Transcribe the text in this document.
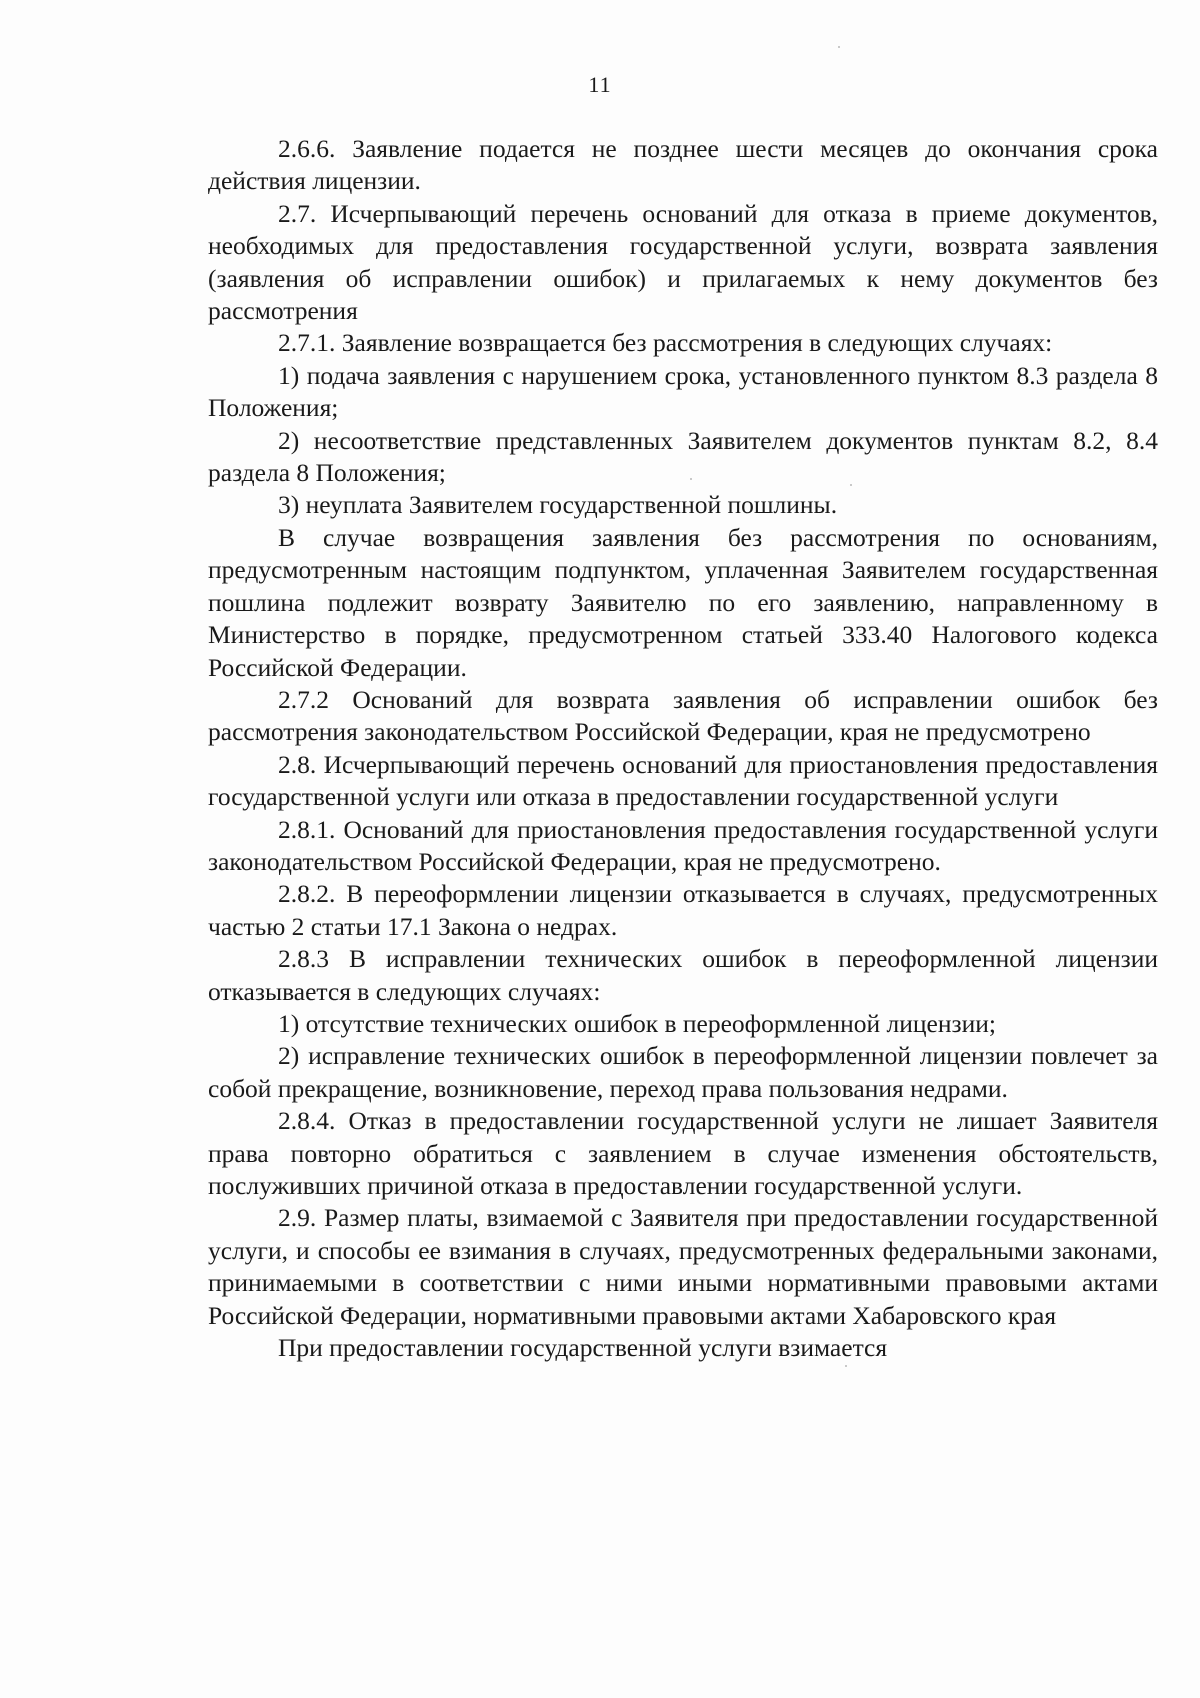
11

2.6.6. Заявление подается не позднее шести месяцев до окончания срока действия лицензии.

2.7. Исчерпывающий перечень оснований для отказа в приеме документов, необходимых для предоставления государственной услуги, возврата заявления (заявления об исправлении ошибок) и прилагаемых к нему документов без рассмотрения

2.7.1. Заявление возвращается без рассмотрения в следующих случаях:

1) подача заявления с нарушением срока, установленного пунктом 8.3 раздела 8 Положения;

2) несоответствие представленных Заявителем документов пунктам 8.2, 8.4 раздела 8 Положения;

3) неуплата Заявителем государственной пошлины.

В случае возвращения заявления без рассмотрения по основаниям, предусмотренным настоящим подпунктом, уплаченная Заявителем государственная пошлина подлежит возврату Заявителю по его заявлению, направленному в Министерство в порядке, предусмотренном статьей 333.40 Налогового кодекса Российской Федерации.

2.7.2 Оснований для возврата заявления об исправлении ошибок без рассмотрения законодательством Российской Федерации, края не предусмотрено

2.8. Исчерпывающий перечень оснований для приостановления предоставления государственной услуги или отказа в предоставлении государственной услуги

2.8.1. Оснований для приостановления предоставления государственной услуги законодательством Российской Федерации, края не предусмотрено.

2.8.2. В переоформлении лицензии отказывается в случаях, предусмотренных частью 2 статьи 17.1 Закона о недрах.

2.8.3 В исправлении технических ошибок в переоформленной лицензии отказывается в следующих случаях:

1) отсутствие технических ошибок в переоформленной лицензии;

2) исправление технических ошибок в переоформленной лицензии повлечет за собой прекращение, возникновение, переход права пользования недрами.

2.8.4. Отказ в предоставлении государственной услуги не лишает Заявителя права повторно обратиться с заявлением в случае изменения обстоятельств, послуживших причиной отказа в предоставлении государственной услуги.

2.9. Размер платы, взимаемой с Заявителя при предоставлении государственной услуги, и способы ее взимания в случаях, предусмотренных федеральными законами, принимаемыми в соответствии с ними иными нормативными правовыми актами Российской Федерации, нормативными правовыми актами Хабаровского края

При предоставлении государственной услуги взимается
